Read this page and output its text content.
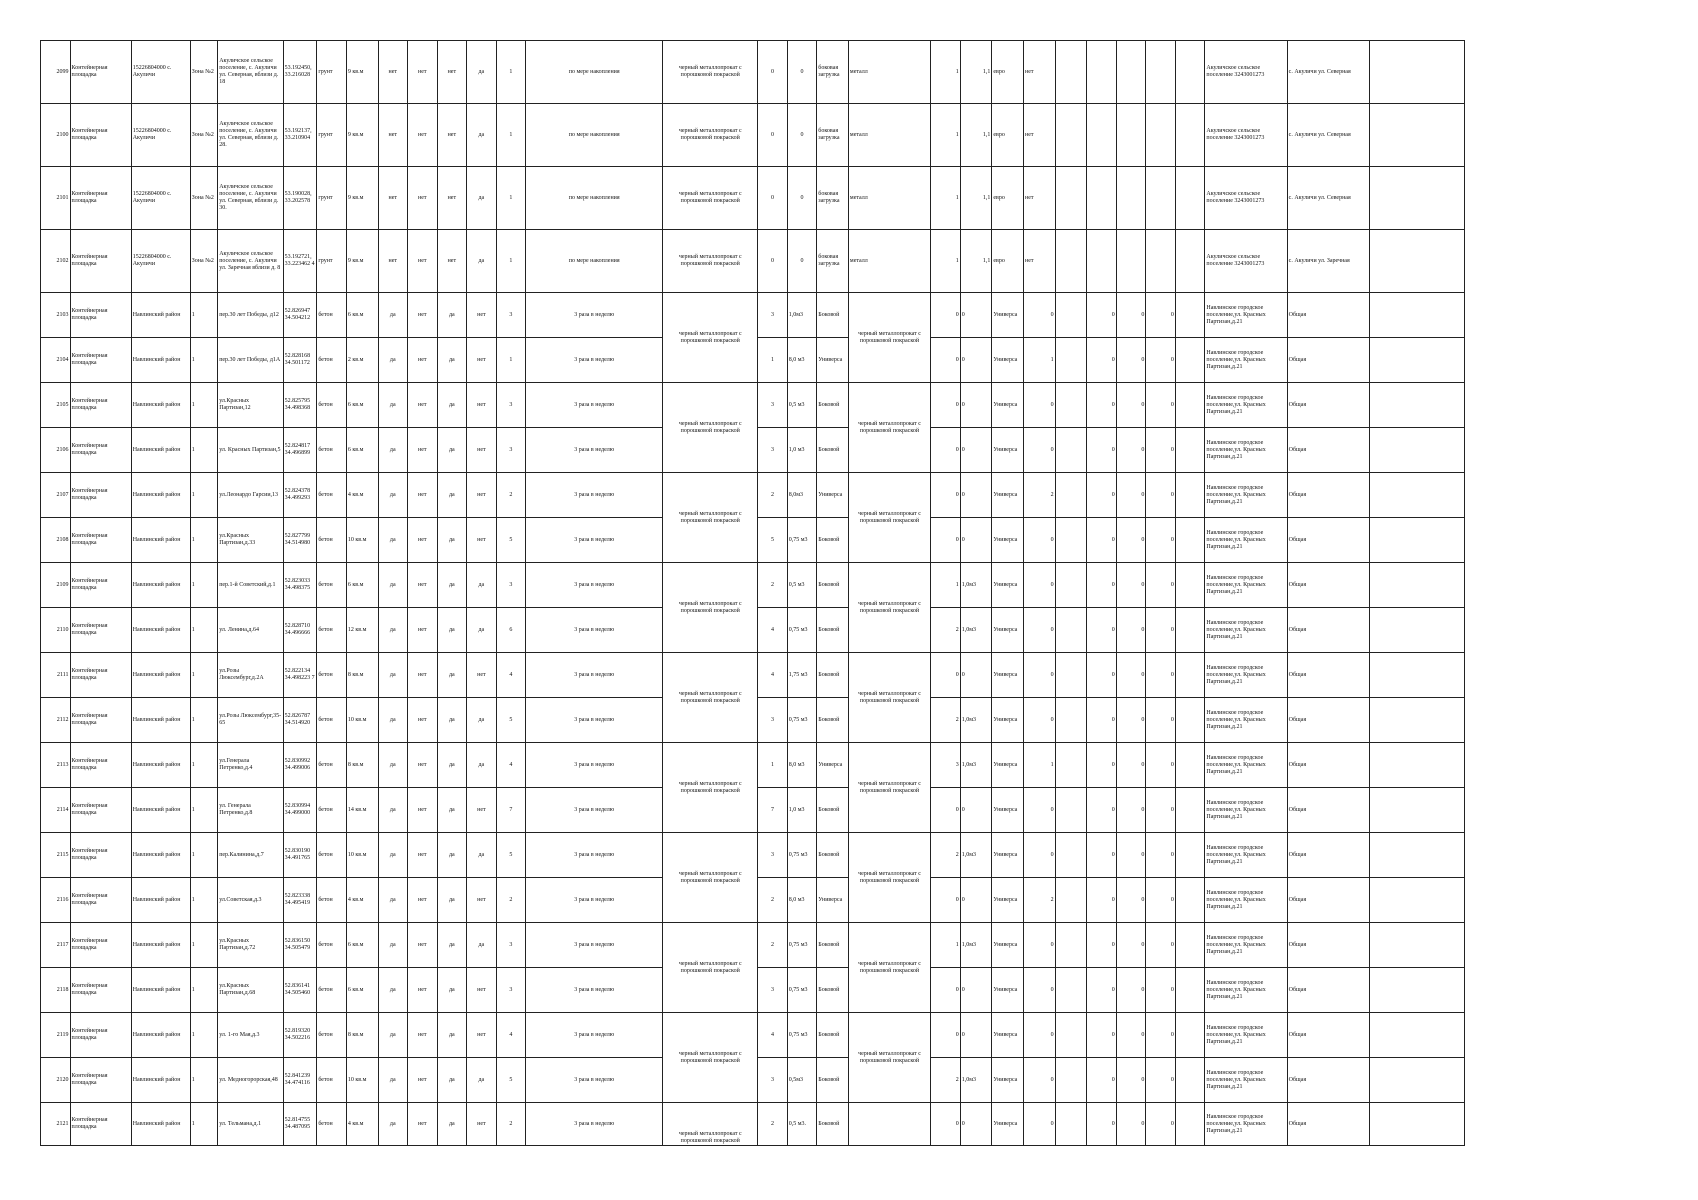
2099	Контейнерная площадка	15226804000 с. Акуличи	Зона №2	Акуличское сельское поселение, с. Акуличи ул. Северная, вблизи д. 18	53.192450, 33.216028	грунт	9 кв.м	нет	нет	нет	да	1	по мере накопления	черный металлопрокат с порошковой покраской	0	0	боковая загрузка	металл	1	1,1	евро	нет						Акуличское сельское поселение 3243001273	с. Акуличи ул. Северная	
2100	Контейнерная площадка	15226804000 с. Акуличи	Зона №2	Акуличское сельское поселение, с. Акуличи ул. Северная, вблизи д. 28.	53.192137, 33.210904	грунт	9 кв.м	нет	нет	нет	да	1	по мере накопления	черный металлопрокат с порошковой покраской	0	0	боковая загрузка	металл	1	1,1	евро	нет						Акуличское сельское поселение 3243001273	с. Акуличи ул. Северная	
2101	Контейнерная площадка	15226804000 с. Акуличи	Зона №2	Акуличское сельское поселение, с. Акуличи ул. Северная, вблизи д. 30.	53.190028, 33.202578	грунт	9 кв.м	нет	нет	нет	да	1	по мере накопления	черный металлопрокат с порошковой покраской	0	0	боковая загрузка	металл	1	1,1	евро	нет						Акуличское сельское поселение 3243001273	с. Акуличи ул. Северная	
2102	Контейнерная площадка	15226804000 с. Акуличи	Зона №2	Акуличское сельское поселение, с. Акуличи ул. Заречная вблизи д. 8	53.192721, 33.223462 4	грунт	9 кв.м	нет	нет	нет	да	1	по мере накопления	черный металлопрокат с порошковой покраской	0	0	боковая загрузка	металл	1	1,1	евро	нет						Акуличское сельское поселение 3243001273	с. Акуличи ул. Заречная	
2103	Контейнерная площадка	Навлинский район	1	пер.30 лет Победы, д12	52.826947 34.504212	бетон	6 кв.м	да	нет	да	нет	3	3 раза в неделю	черный металлопрокат с порошковой покраской	3	1,0м3	Боковой	черный металлопрокат с порошковой покраской	0	0	Универса	0		0	0	0		Навлинское городское поселение,ул. Красных Партизан,д.21	Общая	
2104	Контейнерная площадка	Навлинский район	1	пер.30 лет Победы, д1А	52.828168 34.501172	бетон	2 кв.м	да	нет	да	нет	1	3 раза в неделю		1	8,0 м3	Универса		0	0	Универса	1		0	0	0		Навлинское городское поселение,ул. Красных Партизан,д.21	Общая	
2105	Контейнерная площадка	Навлинский район	1	ул.Красных Партизан,12	52.825795 34.498368	бетон	6 кв.м	да	нет	да	нет	3	3 раза в неделю	черный металлопрокат с порошковой покраской	3	0,5 м3	Боковой	черный металлопрокат с порошковой покраской	0	0	Универса	0		0	0	0		Навлинское городское поселение,ул. Красных Партизан,д.21	Общая	
2106	Контейнерная площадка	Навлинский район	1	ул. Красных Партизан,5	52.824817 34.496899	бетон	6 кв.м	да	нет	да	нет	3	3 раза в неделю		3	1,0 м3	Боковой		0	0	Универса	0		0	0	0		Навлинское городское поселение,ул. Красных Партизан,д.21	Общая	
2107	Контейнерная площадка	Навлинский район	1	ул.Леонардо Гарсии,13	52.824378 34.499293	бетон	4 кв.м	да	нет	да	нет	2	3 раза в неделю	черный металлопрокат с порошковой покраской	2	8,0м3	Универса	черный металлопрокат с порошковой покраской	0	0	Универса	2		0	0	0		Навлинское городское поселение,ул. Красных Партизан,д.21	Общая	
2108	Контейнерная площадка	Навлинский район	1	ул.Красных Партизан,д.33	52.827799 34.514980	бетон	10 кв.м	да	нет	да	нет	5	3 раза в неделю		5	0,75 м3	Боковой		0	0	Универса	0		0	0	0		Навлинское городское поселение,ул. Красных Партизан,д.21	Общая	
2109	Контейнерная площадка	Навлинский район	1	пер.1-й Советский,д.1	52.823033 34.498375	бетон	6 кв.м	да	нет	да	да	3	3 раза в неделю	черный металлопрокат с порошковой покраской	2	0,5 м3	Боковой	черный металлопрокат с порошковой покраской	1	1,0м3	Универса	0		0	0	0		Навлинское городское поселение,ул. Красных Партизан,д.21	Общая	
2110	Контейнерная площадка	Навлинский район	1	ул. Ленина,д.64	52.828710 34.496666	бетон	12 кв.м	да	нет	да	да	6	3 раза в неделю		4	0,75 м3	Боковой		2	1,0м3	Универса	0		0	0	0		Навлинское городское поселение,ул. Красных Партизан,д.21	Общая	
2111	Контейнерная площадка	Навлинский район	1	ул.Розы Люксембург,д.2А	52.822134 34.498223 7	бетон	8 кв.м	да	нет	да	нет	4	3 раза в неделю	черный металлопрокат с порошковой покраской	4	1,75 м3	Боковой	черный металлопрокат с порошковой покраской	0	0	Универса	0		0	0	0		Навлинское городское поселение,ул. Красных Партизан,д.21	Общая	
2112	Контейнерная площадка	Навлинский район	1	ул.Розы Люксембург,35-65	52.826787 34.514920	бетон	10 кв.м	да	нет	да	да	5	3 раза в неделю		3	0,75 м3	Боковой		2	1,0м3	Универса	0		0	0	0		Навлинское городское поселение,ул. Красных Партизан,д.21	Общая	
2113	Контейнерная площадка	Навлинский район	1	ул.Генерала Петренко,д.4	52.830992 34.499006	бетон	8 кв.м	да	нет	да	да	4	3 раза в неделю	черный металлопрокат с порошковой покраской	1	8,0 м3	Универса	черный металлопрокат с порошковой покраской	3	1,0м3	Универса	1		0	0	0		Навлинское городское поселение,ул. Красных Партизан,д.21	Общая	
2114	Контейнерная площадка	Навлинский район	1	ул. Генерала Петренко,д.8	52.830994 34.499000	бетон	14 кв.м	да	нет	да	нет	7	3 раза в неделю		7	1,0 м3	Боковой		0	0	Универса	0		0	0	0		Навлинское городское поселение,ул. Красных Партизан,д.21	Общая	
2115	Контейнерная площадка	Навлинский район	1	пер.Калинина,д.7	52.830190 34.491765	бетон	10 кв.м	да	нет	да	да	5	3 раза в неделю	черный металлопрокат с порошковой покраской	3	0,75 м3	Боковой	черный металлопрокат с порошковой покраской	2	1,0м3	Универса	0		0	0	0		Навлинское городское поселение,ул. Красных Партизан,д.21	Общая	
2116	Контейнерная площадка	Навлинский район	1	ул.Советская,д.3	52.823338 34.495419	бетон	4 кв.м	да	нет	да	нет	2	3 раза в неделю		2	8,0 м3	Универса		0	0	Универса	2		0	0	0		Навлинское городское поселение,ул. Красных Партизан,д.21	Общая	
2117	Контейнерная площадка	Навлинский район	1	ул.Красных Партизан,д.72	52.836150 34.505479	бетон	6 кв.м	да	нет	да	да	3	3 раза в неделю	черный металлопрокат с порошковой покраской	2	0,75 м3	Боковой	черный металлопрокат с порошковой покраской	1	1,0м3	Универса	0		0	0	0		Навлинское городское поселение,ул. Красных Партизан,д.21	Общая	
2118	Контейнерная площадка	Навлинский район	1	ул.Красных Партизан,д.68	52.836141 34.505460	бетон	6 кв.м	да	нет	да	нет	3	3 раза в неделю		3	0,75 м3	Боковой		0	0	Универса	0		0	0	0		Навлинское городское поселение,ул. Красных Партизан,д.21	Общая	
2119	Контейнерная площадка	Навлинский район	1	ул. 1-го Мая,д.3	52.819320 34.502216	бетон	8 кв.м	да	нет	да	нет	4	3 раза в неделю	черный металлопрокат с порошковой покраской	4	0,75 м3	Боковой	черный металлопрокат с порошковой покраской	0	0	Универса	0		0	0	0		Навлинское городское поселение,ул. Красных Партизан,д.21	Общая	
2120	Контейнерная площадка	Навлинский район	1	ул. Медногорорская,48	52.841239 34.474116	бетон	10 кв.м	да	нет	да	да	5	3 раза в неделю		3	0,5м3	Боковой		2	1,0м3	Универса	0		0	0	0		Навлинское городское поселение,ул. Красных Партизан,д.21	Общая	
2121	Контейнерная площадка	Навлинский район	1	ул. Тельмана,д.1	52.814755 34.487095	бетон	4 кв.м	да	нет	да	нет	2	3 раза в неделю	черный металлопрокат с порошковой покраской	2	0,5 м3.	Боковой		0	0	Универса	0		0	0	0		Навлинское городское поселение,ул. Красных Партизан,д.21	Общая	
